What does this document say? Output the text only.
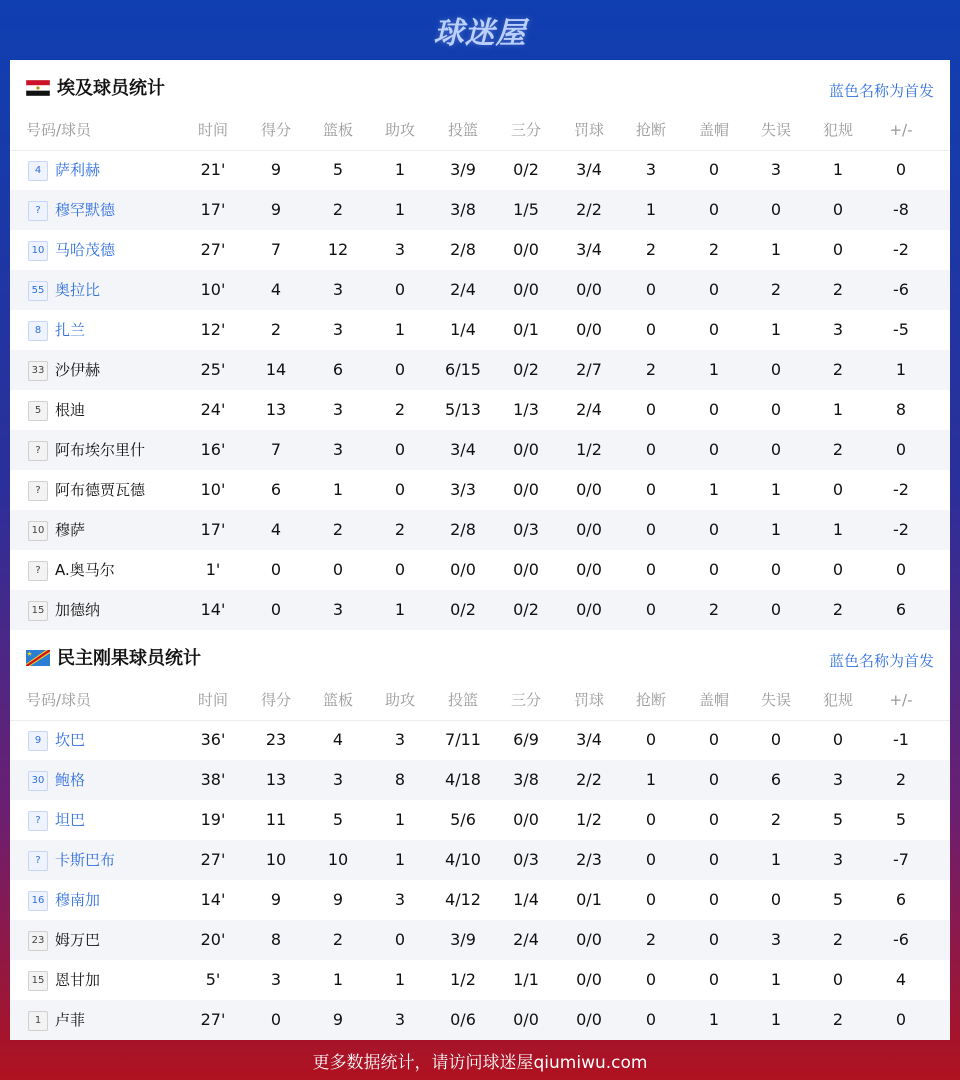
球迷屋
埃及球员统计	蓝色名称为首发
号码/球员	时间	得分	篮板	助攻	投篮	三分	罚球	抢断	盖帽	失误	犯规	+/-
4 萨利赫	21'	9	5	1	3/9	0/2	3/4	3	0	3	1	0
? 穆罕默德	17'	9	2	1	3/8	1/5	2/2	1	0	0	0	-8
10 马哈茂德	27'	7	12	3	2/8	0/0	3/4	2	2	1	0	-2
55 奥拉比	10'	4	3	0	2/4	0/0	0/0	0	0	2	2	-6
8 扎兰	12'	2	3	1	1/4	0/1	0/0	0	0	1	3	-5
33 沙伊赫	25'	14	6	0	6/15	0/2	2/7	2	1	0	2	1
5 根迪	24'	13	3	2	5/13	1/3	2/4	0	0	0	1	8
? 阿布埃尔里什	16'	7	3	0	3/4	0/0	1/2	0	0	0	2	0
? 阿布德贾瓦德	10'	6	1	0	3/3	0/0	0/0	0	1	1	0	-2
10 穆萨	17'	4	2	2	2/8	0/3	0/0	0	0	1	1	-2
? A.奥马尔	1'	0	0	0	0/0	0/0	0/0	0	0	0	0	0
15 加德纳	14'	0	3	1	0/2	0/2	0/0	0	2	0	2	6
民主刚果球员统计	蓝色名称为首发
号码/球员	时间	得分	篮板	助攻	投篮	三分	罚球	抢断	盖帽	失误	犯规	+/-
9 坎巴	36'	23	4	3	7/11	6/9	3/4	0	0	0	0	-1
30 鲍格	38'	13	3	8	4/18	3/8	2/2	1	0	6	3	2
? 坦巴	19'	11	5	1	5/6	0/0	1/2	0	0	2	5	5
? 卡斯巴布	27'	10	10	1	4/10	0/3	2/3	0	0	1	3	-7
16 穆南加	14'	9	9	3	4/12	1/4	0/1	0	0	0	5	6
23 姆万巴	20'	8	2	0	3/9	2/4	0/0	2	0	3	2	-6
15 恩甘加	5'	3	1	1	1/2	1/1	0/0	0	0	1	0	4
1 卢菲	27'	0	9	3	0/6	0/0	0/0	0	1	1	2	0
更多数据统计，请访问球迷屋qiumiwu.com
